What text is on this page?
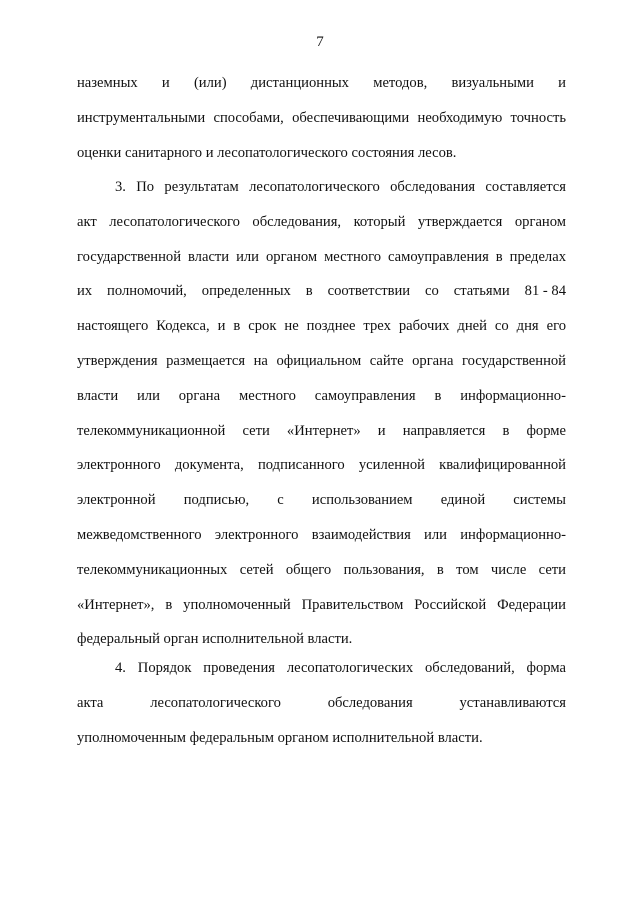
7
наземных и (или) дистанционных методов, визуальными и
инструментальными способами, обеспечивающими необходимую точность
оценки санитарного и лесопатологического состояния лесов.
3. По результатам лесопатологического обследования составляется
акт лесопатологического обследования, который утверждается органом
государственной власти или органом местного самоуправления в пределах
их полномочий, определенных в соответствии со статьями 81 - 84
настоящего Кодекса, и в срок не позднее трех рабочих дней со дня его
утверждения размещается на официальном сайте органа государственной
власти или органа местного самоуправления в информационно-
телекоммуникационной сети «Интернет» и направляется в форме
электронного документа, подписанного усиленной квалифицированной
электронной подписью, с использованием единой системы
межведомственного электронного взаимодействия или информационно-
телекоммуникационных сетей общего пользования, в том числе сети
«Интернет», в уполномоченный Правительством Российской Федерации
федеральный орган исполнительной власти.
4. Порядок проведения лесопатологических обследований, форма
акта	лесопатологического	обследования	устанавливаются
уполномоченным федеральным органом исполнительной власти.
